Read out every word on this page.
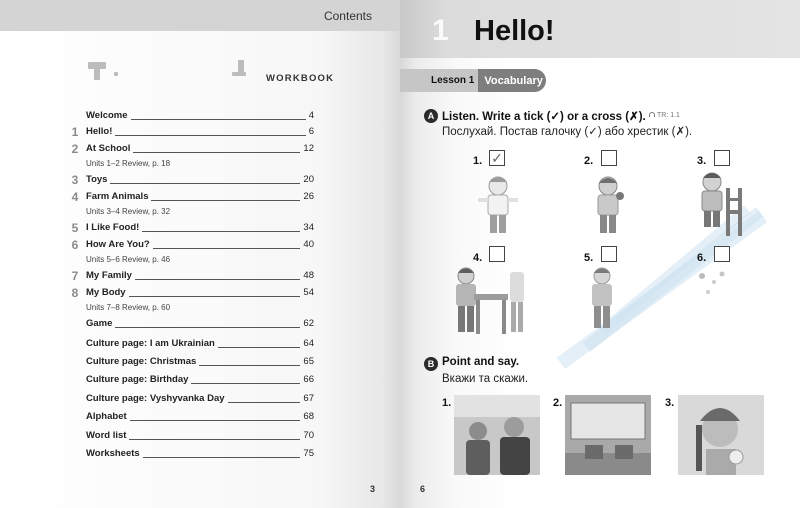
Contents
WORKBOOK
Welcome	4
1 Hello!	6
2 At School	12
Units 1–2 Review, p. 18
3 Toys	20
4 Farm Animals	26
Units 3–4 Review, p. 32
5 I Like Food!	34
6 How Are You?	40
Units 5–6 Review, p. 46
7 My Family	48
8 My Body	54
Units 7–8 Review, p. 60
Game	62
Culture page: I am Ukrainian	64
Culture page: Christmas	65
Culture page: Birthday	66
Culture page: Vyshyvanka Day	67
Alphabet	68
Word list	70
Worksheets	75
3
1 Hello!
Lesson 1 Vocabulary
A Listen. Write a tick (✓) or a cross (✗).	TR: 1.1
Послухай. Постав галочку (✓) або хрестик (✗).
1. ✓	2.	3.
4.	5.	6.
B Point and say.
Вкажи та скажи.
1.	2.	3.
6
